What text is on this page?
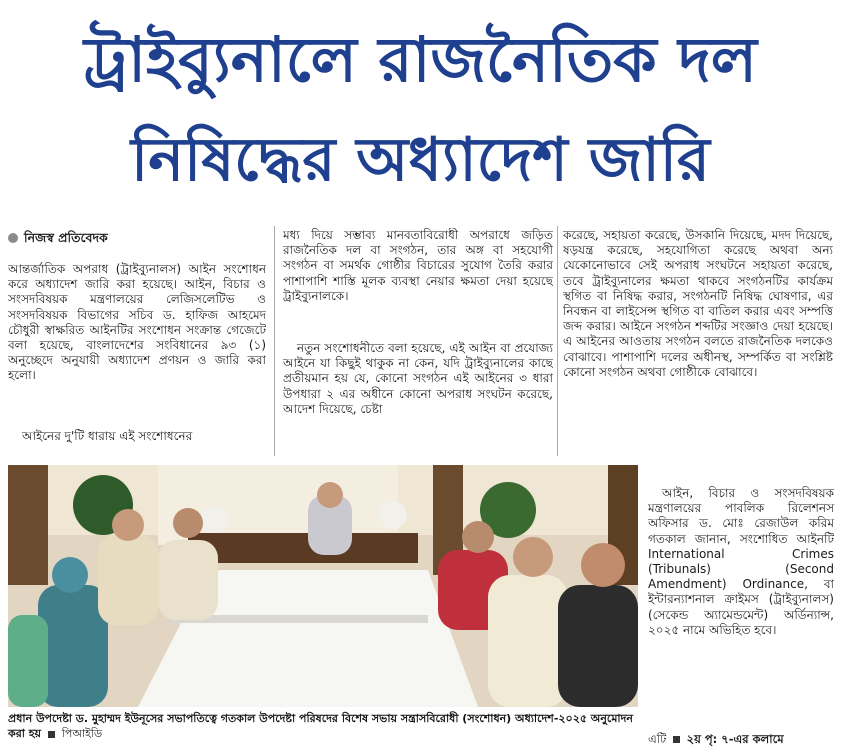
ট্রাইব্যুনালে রাজনৈতিক দল
নিষিদ্ধের অধ্যাদেশ জারি
নিজস্ব প্রতিবেদক

আন্তর্জাতিক অপরাধ (ট্রাইব্যুনালস) আইন সংশোধন করে অধ্যাদেশ জারি করা হয়েছে। আইন, বিচার ও সংসদবিষয়ক মন্ত্রণালয়ের লেজিসলেটিভ ও সংসদবিষয়ক বিভাগের সচিব ড. হাফিজ আহমেদ চৌধুরী স্বাক্ষরিত আইনটির সংশোধন সংক্রান্ত গেজেটে বলা হয়েছে, বাংলাদেশের সংবিধানের ৯৩ (১) অনুচ্ছেদে অনুযায়ী অধ্যাদেশ প্রণয়ন ও জারি করা হলো।

আইনের দু'টি ধারায় এই সংশোধনের

মধ্য দিয়ে সম্ভাব্য মানবতাবিরোধী অপরাধে জড়িত রাজনৈতিক দল বা সংগঠন, তার অঙ্গ বা সহযোগী সংগঠন বা সমর্থক গোষ্ঠীর বিচারের সুযোগ তৈরি করার পাশাপাশি শাস্তি মূলক ব্যবস্থা নেয়ার ক্ষমতা দেয়া হয়েছে ট্রাইব্যুনালকে।

নতুন সংশোধনীতে বলা হয়েছে, এই আইন বা প্রযোজ্য আইনে যা কিছুই থাকুক না কেন, যদি ট্রাইব্যুনালের কাছে প্রতীয়মান হয় যে, কোনো সংগঠন এই আইনের ৩ ধারা উপধারা ২ এর অধীনে কোনো অপরাধ সংঘটন করেছে, আদেশ দিয়েছে, চেষ্টা

করেছে, সহায়তা করেছে, উসকানি দিয়েছে, মদদ দিয়েছে, ষড়যন্ত্র করেছে, সহযোগিতা করেছে অথবা অন্য যেকোনোভাবে সেই অপরাধ সংঘটনে সহায়তা করেছে, তবে ট্রাইব্যুনালের ক্ষমতা থাকবে সংগঠনটির কার্যক্রম স্থগিত বা নিষিদ্ধ করার, সংগঠনটি নিষিদ্ধ ঘোষণার, এর নিবন্ধন বা লাইসেন্স স্থগিত বা বাতিল করার এবং সম্পত্তি জব্দ করার। আইনে সংগঠন শব্দটির সংজ্ঞাও দেয়া হয়েছে। এ আইনের আওতায় সংগঠন বলতে রাজনৈতিক দলকেও বোঝাবে। পাশাপাশি দলের অধীনস্থ, সম্পর্কিত বা সংশ্লিষ্ট কোনো সংগঠন অথবা গোষ্ঠীকে বোঝাবে।

আইন, বিচার ও সংসদবিষয়ক মন্ত্রণালয়ের পাবলিক রিলেশনস অফিসার ড. মোঃ রেজাউল করিম গতকাল জানান, সংশোধিত আইনটি International Crimes (Tribunals) (Second Amendment) Ordinance, বা ইন্টারন্যাশনাল ক্রাইমস (ট্রাইব্যুনালস) (সেকেন্ড অ্যামেন্ডমেন্ট) অর্ডিন্যান্স, ২০২৫ নামে অভিহিত হবে।

প্রধান উপদেষ্টা ড. মুহাম্মদ ইউনূসের সভাপতিত্বে গতকাল উপদেষ্টা পরিষদের বিশেষ সভায় সন্ত্রাসবিরোধী (সংশোধন) অধ্যাদেশ-২০২৫ অনুমোদন করা হয় পিআইডি	এটি ২য় পৃ: ৭-এর কলামে
